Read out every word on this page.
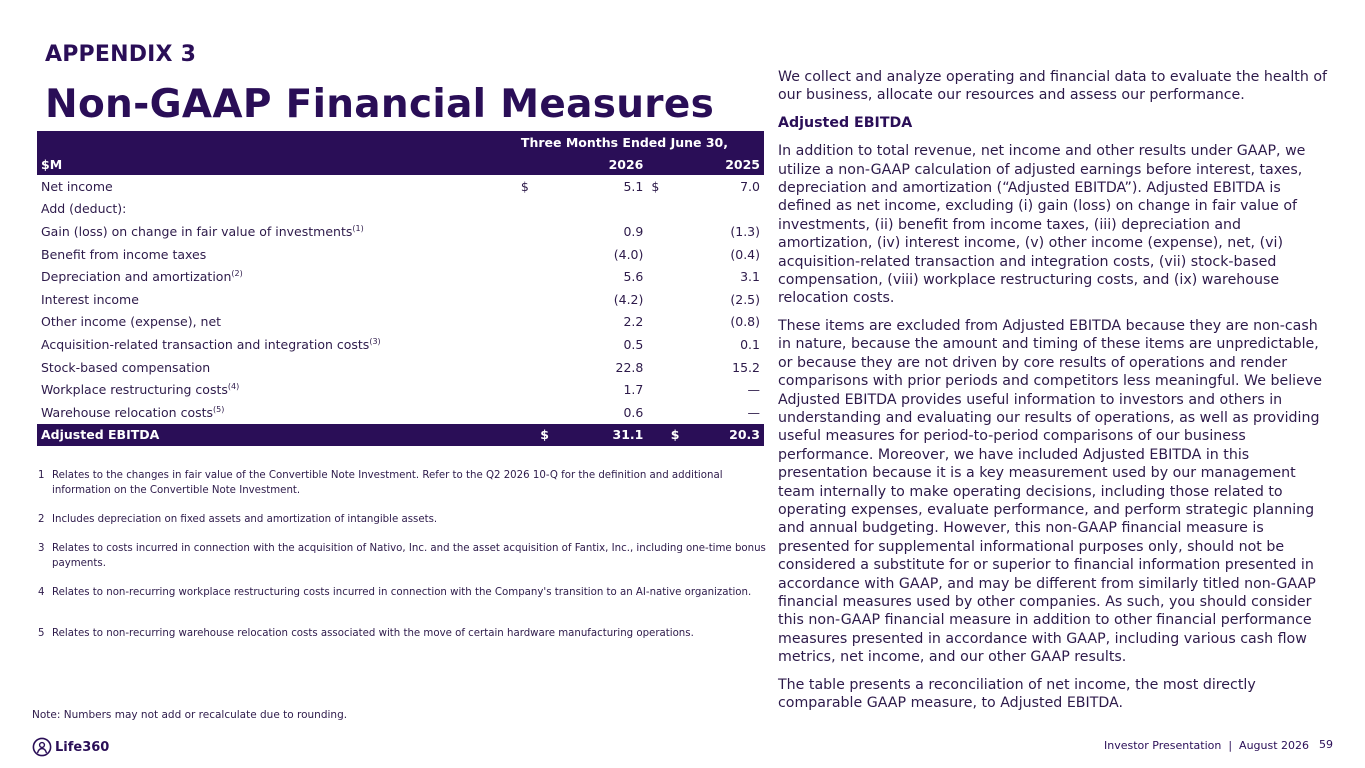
APPENDIX 3
Non-GAAP Financial Measures
	Three Months Ended June 30,			
$M		2026		2025
Net income	$	5.1	$	7.0
Add (deduct):				
Gain (loss) on change in fair value of investments$^{(1)}$		0.9		(1.3)
Benefit from income taxes		(4.0)		(0.4)
Depreciation and amortization$^{(2)}$		5.6		3.1
Interest income		(4.2)		(2.5)
Other income (expense), net		2.2		(0.8)
Acquisition-related transaction and integration costs$^{(3)}$		0.5		0.1
Stock-based compensation		22.8		15.2
Workplace restructuring costs$^{(4)}$		1.7		—
Warehouse relocation costs$^{(5)}$		0.6		—
Adjusted EBITDA	$	31.1	$	20.3
1 Relates to the changes in fair value of the Convertible Note Investment. Refer to the Q2 2026 10-Q for the definition and additional information on the Convertible Note Investment.
2 Includes depreciation on fixed assets and amortization of intangible assets.
3 Relates to costs incurred in connection with the acquisition of Nativo, Inc. and the asset acquisition of Fantix, Inc., including one-time bonus payments.
4 Relates to non-recurring workplace restructuring costs incurred in connection with the Company's transition to an AI-native organization.
5 Relates to non-recurring warehouse relocation costs associated with the move of certain hardware manufacturing operations.
Note: Numbers may not add or recalculate due to rounding.
Life360

We collect and analyze operating and financial data to evaluate the health of our business, allocate our resources and assess our performance.

Adjusted EBITDA

In addition to total revenue, net income and other results under GAAP, we utilize a non-GAAP calculation of adjusted earnings before interest, taxes, depreciation and amortization (“Adjusted EBITDA”). Adjusted EBITDA is defined as net income, excluding (i) gain (loss) on change in fair value of investments, (ii) benefit from income taxes, (iii) depreciation and amortization, (iv) interest income, (v) other income (expense), net, (vi) acquisition-related transaction and integration costs, (vii) stock-based compensation, (viii) workplace restructuring costs, and (ix) warehouse relocation costs.

These items are excluded from Adjusted EBITDA because they are non-cash in nature, because the amount and timing of these items are unpredictable, or because they are not driven by core results of operations and render comparisons with prior periods and competitors less meaningful. We believe Adjusted EBITDA provides useful information to investors and others in understanding and evaluating our results of operations, as well as providing useful measures for period-to-period comparisons of our business performance. Moreover, we have included Adjusted EBITDA in this presentation because it is a key measurement used by our management team internally to make operating decisions, including those related to operating expenses, evaluate performance, and perform strategic planning and annual budgeting. However, this non-GAAP financial measure is presented for supplemental informational purposes only, should not be considered a substitute for or superior to financial information presented in accordance with GAAP, and may be different from similarly titled non-GAAP financial measures used by other companies. As such, you should consider this non-GAAP financial measure in addition to other financial performance measures presented in accordance with GAAP, including various cash flow metrics, net income, and our other GAAP results.

The table presents a reconciliation of net income, the most directly comparable GAAP measure, to Adjusted EBITDA.

Investor Presentation  |  August 2026 59
